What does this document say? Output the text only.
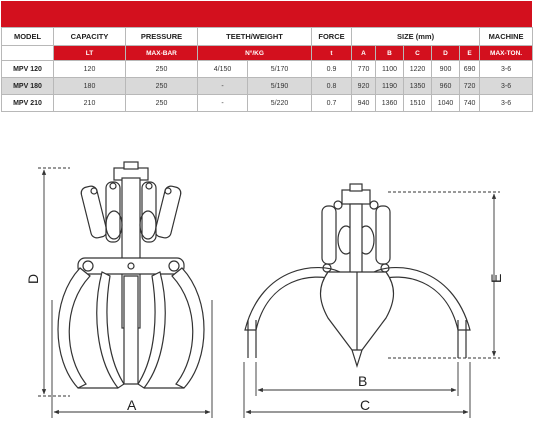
MODEL	CAPACITY	PRESSURE	TEETH/WEIGHT		FORCE	SIZE (mm)					MACHINE
	LT	MAX-BAR	N°/KG		t	A	B	C	D	E	MAX-TON.
MPV 120	120	250	4/150	5/170	0.9	770	1100	1220	900	690	3-6
MPV 180	180	250	-	5/190	0.8	920	1190	1350	960	720	3-6
MPV 210	210	250	-	5/220	0.7	940	1360	1510	1040	740	3-6
D
A
B
C
E
